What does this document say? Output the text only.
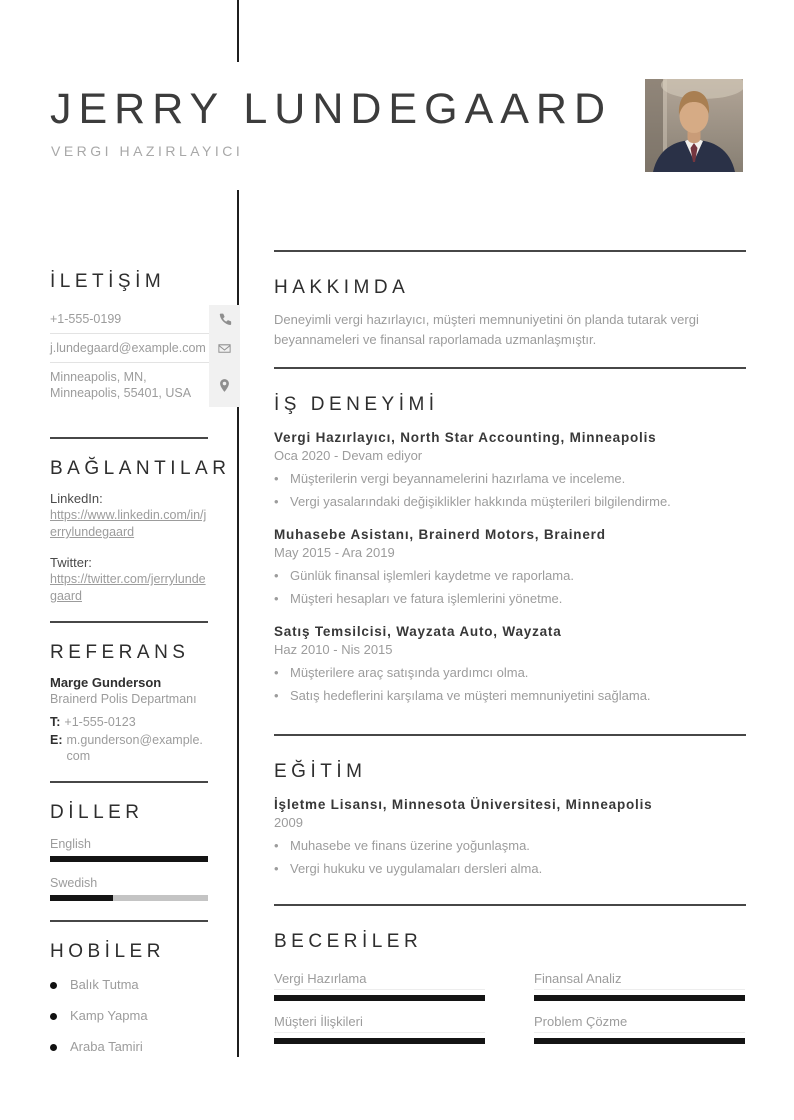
JERRY LUNDEGAARD
VERGI HAZIRLAYICI
İLETİŞİM
+1-555-0199
j.lundegaard@example.com
Minneapolis, MN,
Minneapolis, 55401, USA
BAĞLANTILAR
LinkedIn:
https://www.linkedin.com/in/jerrylundegaard
Twitter:
https://twitter.com/jerrylundegaard
REFERANS
Marge Gunderson
Brainerd Polis Departmanı
T: +1-555-0123
E: m.gunderson@example.com
DİLLER
English
Swedish
HOBİLER
Balık Tutma
Kamp Yapma
Araba Tamiri
HAKKIMDA
Deneyimli vergi hazırlayıcı, müşteri memnuniyetini ön planda tutarak vergi beyannameleri ve finansal raporlamada uzmanlaşmıştır.
İŞ DENEYİMİ
Vergi Hazırlayıcı, North Star Accounting, Minneapolis
Oca 2020 - Devam ediyor
• Müşterilerin vergi beyannamelerini hazırlama ve inceleme.
• Vergi yasalarındaki değişiklikler hakkında müşterileri bilgilendirme.
Muhasebe Asistanı, Brainerd Motors, Brainerd
May 2015 - Ara 2019
• Günlük finansal işlemleri kaydetme ve raporlama.
• Müşteri hesapları ve fatura işlemlerini yönetme.
Satış Temsilcisi, Wayzata Auto, Wayzata
Haz 2010 - Nis 2015
• Müşterilere araç satışında yardımcı olma.
• Satış hedeflerini karşılama ve müşteri memnuniyetini sağlama.
EĞİTİM
İşletme Lisansı, Minnesota Üniversitesi, Minneapolis
2009
• Muhasebe ve finans üzerine yoğunlaşma.
• Vergi hukuku ve uygulamaları dersleri alma.
BECERİLER
Vergi Hazırlama	Finansal Analiz
Müşteri İlişkileri	Problem Çözme
